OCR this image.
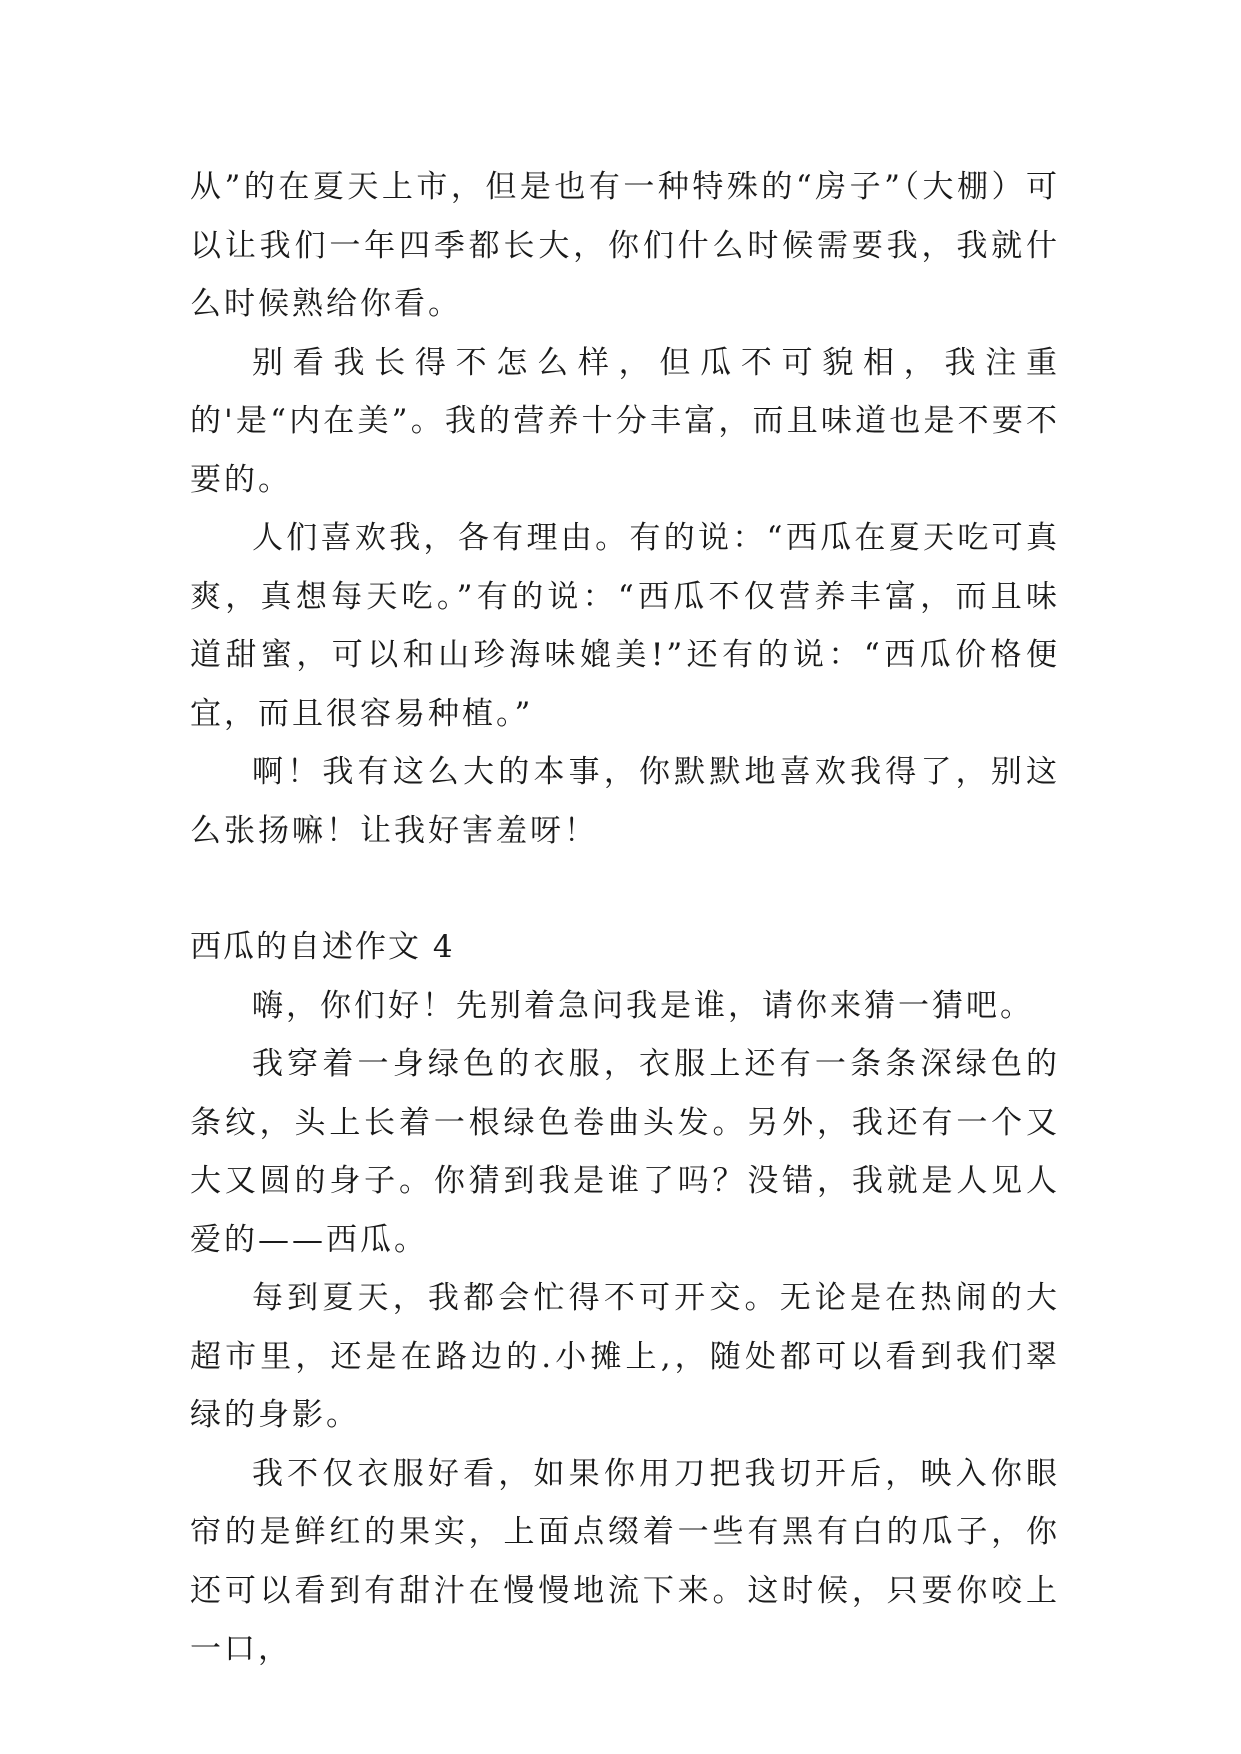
从”的在夏天上市，但是也有一种特殊的“房子”（大棚）可以让我们一年四季都长大，你们什么时候需要我，我就什么时候熟给你看。

别看我长得不怎么样，但瓜不可貌相，我注重的'是“内在美”。我的营养十分丰富，而且味道也是不要不要的。

人们喜欢我，各有理由。有的说：“西瓜在夏天吃可真爽，真想每天吃。”有的说：“西瓜不仅营养丰富，而且味道甜蜜，可以和山珍海味媲美!”还有的说：“西瓜价格便宜，而且很容易种植。”

啊！我有这么大的本事，你默默地喜欢我得了，别这么张扬嘛！让我好害羞呀！

西瓜的自述作文 4

嗨，你们好！先别着急问我是谁，请你来猜一猜吧。

我穿着一身绿色的衣服，衣服上还有一条条深绿色的条纹，头上长着一根绿色卷曲头发。另外，我还有一个又大又圆的身子。你猜到我是谁了吗？没错，我就是人见人爱的——西瓜。

每到夏天，我都会忙得不可开交。无论是在热闹的大超市里，还是在路边的.小摊上,，随处都可以看到我们翠绿的身影。

我不仅衣服好看，如果你用刀把我切开后，映入你眼帘的是鲜红的果实，上面点缀着一些有黑有白的瓜子，你还可以看到有甜汁在慢慢地流下来。这时候，只要你咬上一口，
